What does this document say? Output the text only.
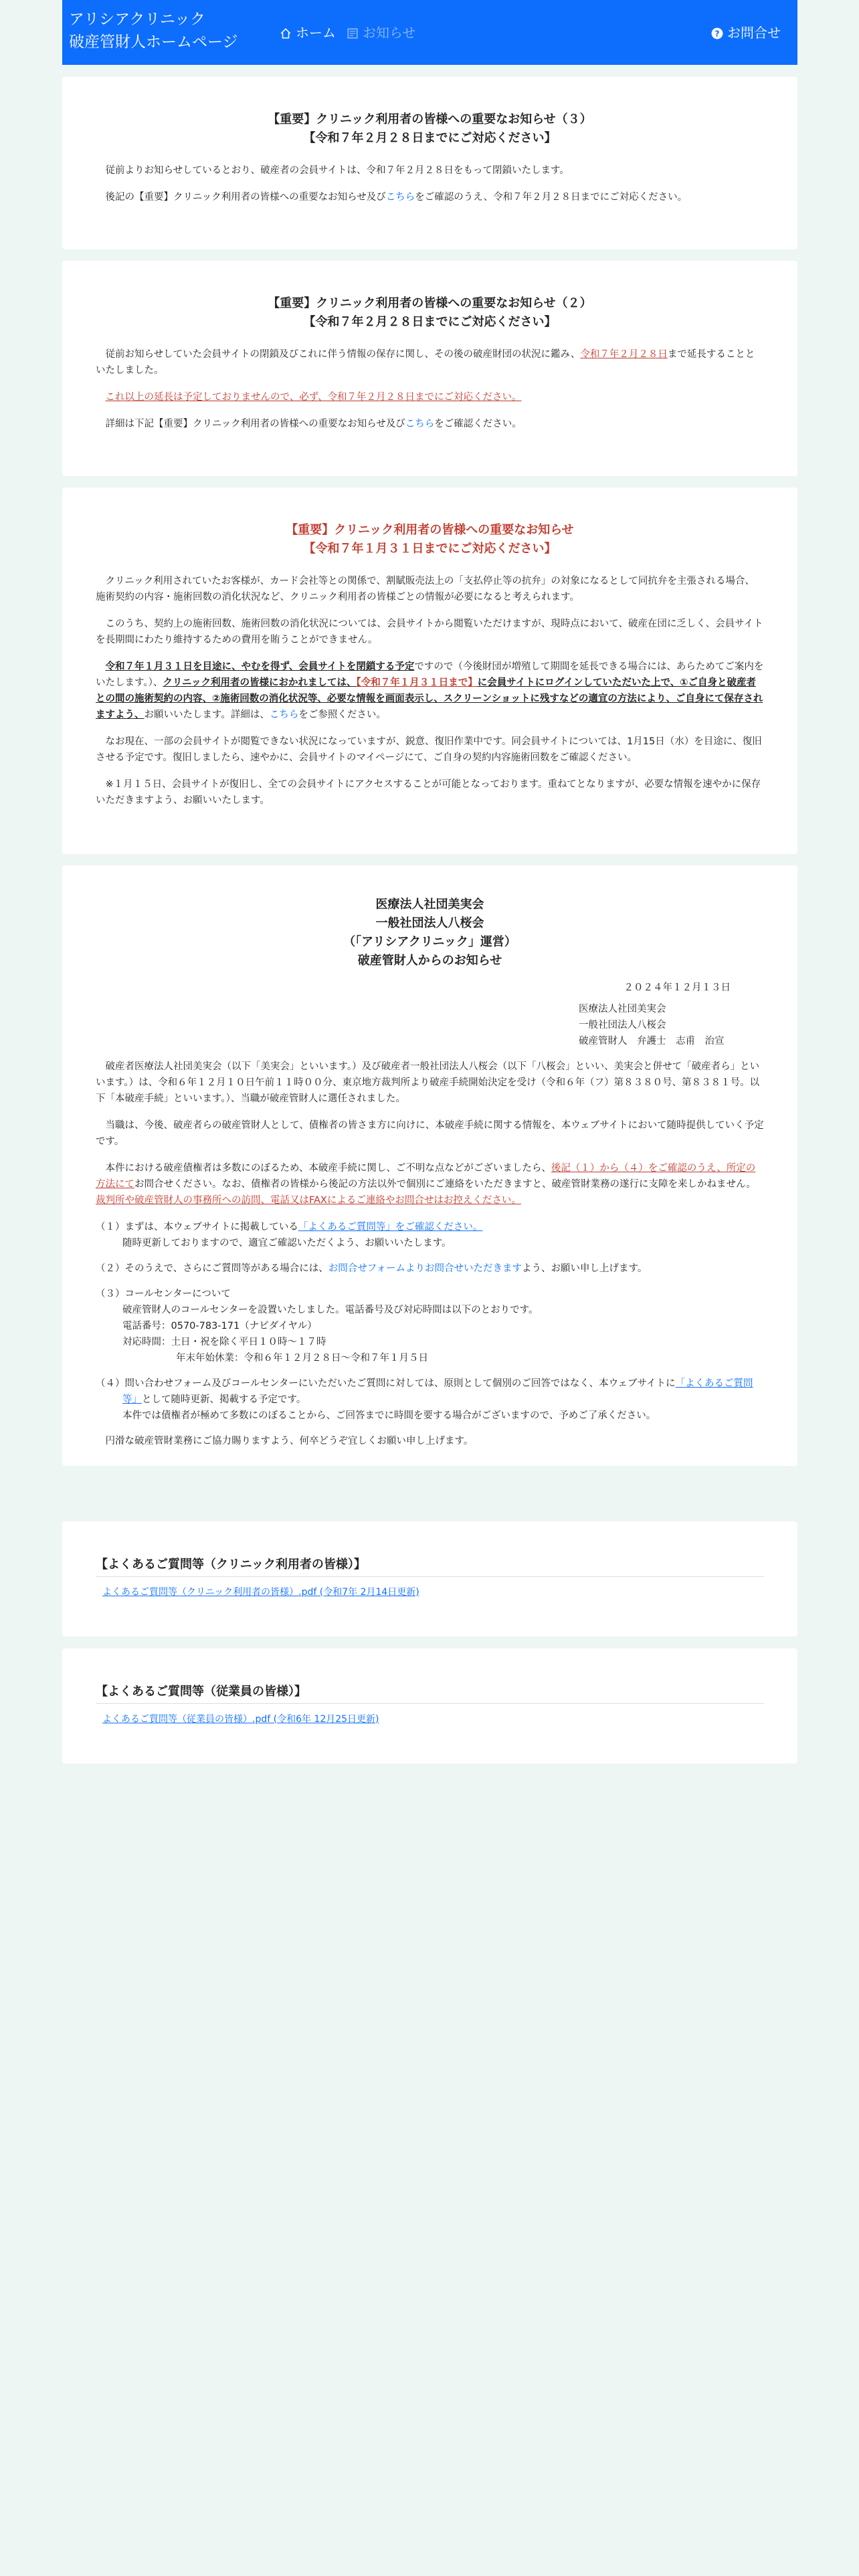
アリシアクリニック
破産管財人ホームページ
ホーム お知らせ	? お問合せ
【重要】クリニック利用者の皆様への重要なお知らせ（３）
【令和７年２月２８日までにご対応ください】
従前よりお知らせしているとおり、破産者の会員サイトは、令和７年２月２８日をもって閉鎖いたします。
後記の【重要】クリニック利用者の皆様への重要なお知らせ及びこちらをご確認のうえ、令和７年２月２８日までにご対応ください。
【重要】クリニック利用者の皆様への重要なお知らせ（２）
【令和７年２月２８日までにご対応ください】
従前お知らせしていた会員サイトの閉鎖及びこれに伴う情報の保存に関し、その後の破産財団の状況に鑑み、令和７年２月２８日まで延長することといたしました。
これ以上の延長は予定しておりませんので、必ず、令和７年２月２８日までにご対応ください。
詳細は下記【重要】クリニック利用者の皆様への重要なお知らせ及びこちらをご確認ください。
【重要】クリニック利用者の皆様への重要なお知らせ
【令和７年１月３１日までにご対応ください】
クリニック利用されていたお客様が、カード会社等との関係で、割賦販売法上の「支払停止等の抗弁」の対象になるとして同抗弁を主張される場合、施術契約の内容・施術回数の消化状況など、クリニック利用者の皆様ごとの情報が必要になると考えられます。
このうち、契約上の施術回数、施術回数の消化状況については、会員サイトから閲覧いただけますが、現時点において、破産在団に乏しく、会員サイトを長期間にわたり維持するための費用を賄うことができません。
令和７年１月３１日を目途に、やむを得ず、会員サイトを閉鎖する予定ですので（今後財団が増殖して期間を延長できる場合には、あらためてご案内をいたします。）、クリニック利用者の皆様におかれましては、【令和７年１月３１日まで】に会員サイトにログインしていただいた上で、①ご自身と破産者との間の施術契約の内容、②施術回数の消化状況等、必要な情報を画面表示し、スクリーンショットに残すなどの適宜の方法により、ご自身にて保存されますよう、お願いいたします。詳細は、こちらをご参照ください。
なお現在、一部の会員サイトが閲覧できない状況になっていますが、鋭意、復旧作業中です。同会員サイトについては、1月15日（水）を目途に、復旧させる予定です。復旧しましたら、速やかに、会員サイトのマイページにて、ご自身の契約内容施術回数をご確認ください。
※１月１５日、会員サイトが復旧し、全ての会員サイトにアクセスすることが可能となっております。重ねてとなりますが、必要な情報を速やかに保存いただきますよう、お願いいたします。
医療法人社団美実会
一般社団法人八桜会
（「アリシアクリニック」運営）
破産管財人からのお知らせ
２０２４年１２月１３日
医療法人社団美実会
一般社団法人八桜会
破産管財人　弁護士　志甫　治宣
破産者医療法人社団美実会（以下「美実会」といいます。）及び破産者一般社団法人八桜会（以下「八桜会」といい、美実会と併せて「破産者ら」といいます。）は、令和６年１２月１０日午前１１時００分、東京地方裁判所より破産手続開始決定を受け（令和６年（フ）第８３８０号、第８３８１号。以下「本破産手続」といいます。）、当職が破産管財人に選任されました。
当職は、今後、破産者らの破産管財人として、債権者の皆さま方に向けに、本破産手続に関する情報を、本ウェブサイトにおいて随時提供していく予定です。
本件における破産債権者は多数にのぼるため、本破産手続に関し、ご不明な点などがございましたら、後記（１）から（４）をご確認のうえ、所定の方法にてお問合せください。なお、債権者の皆様から後記の方法以外で個別にご連絡をいただきますと、破産管財業務の遂行に支障を来しかねません。裁判所や破産管財人の事務所への訪問、電話又はFAXによるご連絡やお問合せはお控えください。
（１）まずは、本ウェブサイトに掲載している「よくあるご質問等」をご確認ください。
随時更新しておりますので、適宜ご確認いただくよう、お願いいたします。
（２）そのうえで、さらにご質問等がある場合には、お問合せフォームよりお問合せいただきますよう、お願い申し上げます。
（３）コールセンターについて
破産管財人のコールセンターを設置いたしました。電話番号及び対応時間は以下のとおりです。
電話番号：0570-783-171（ナビダイヤル）
対応時間：土日・祝を除く平日１０時〜１７時
年末年始休業：令和６年１２月２８日〜令和７年１月５日
（４）問い合わせフォーム及びコールセンターにいただいたご質問に対しては、原則として個別のご回答ではなく、本ウェブサイトに「よくあるご質問等」として随時更新、掲載する予定です。
本件では債権者が極めて多数にのぼることから、ご回答までに時間を要する場合がございますので、予めご了承ください。
円滑な破産管財業務にご協力賜りますよう、何卒どうぞ宜しくお願い申し上げます。
【よくあるご質問等（クリニック利用者の皆様）】
よくあるご質問等（クリニック利用者の皆様）.pdf (令和7年 2月14日更新)
【よくあるご質問等（従業員の皆様）】
よくあるご質問等（従業員の皆様）.pdf (令和6年 12月25日更新)
